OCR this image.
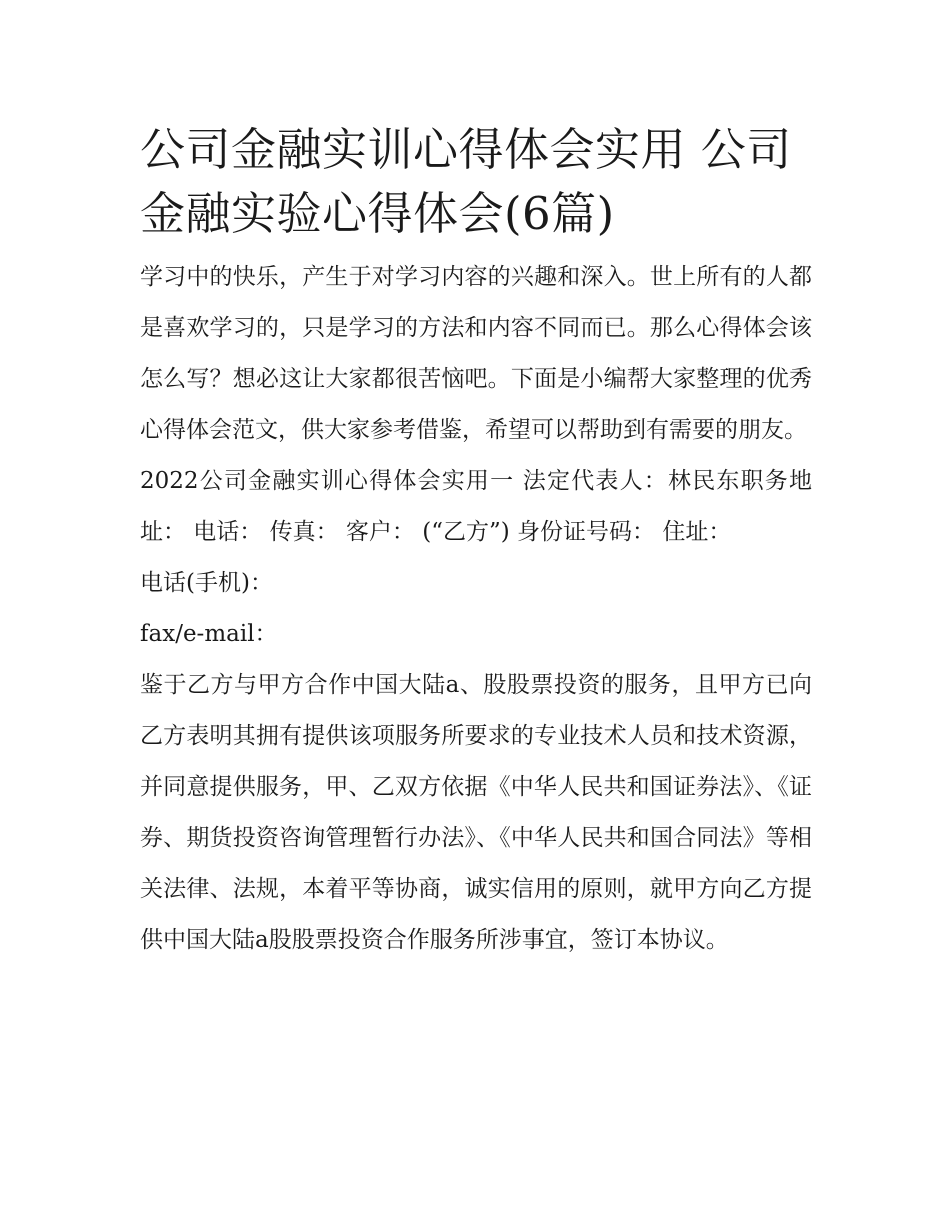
公司金融实训心得体会实用 公司金融实验心得体会(6篇)

学习中的快乐，产生于对学习内容的兴趣和深入。世上所有的人都是喜欢学习的，只是学习的方法和内容不同而已。那么心得体会该怎么写？想必这让大家都很苦恼吧。下面是小编帮大家整理的优秀心得体会范文，供大家参考借鉴，希望可以帮助到有需要的朋友。

2022公司金融实训心得体会实用一 法定代表人：林民东职务地址： 电话： 传真： 客户： (“乙方”) 身份证号码： 住址：

电话(手机)：

fax/e-mail：

鉴于乙方与甲方合作中国大陆a、股股票投资的服务，且甲方已向乙方表明其拥有提供该项服务所要求的专业技术人员和技术资源，并同意提供服务，甲、乙双方依据《中华人民共和国证券法》、《证券、期货投资咨询管理暂行办法》、《中华人民共和国合同法》等相关法律、法规，本着平等协商，诚实信用的原则，就甲方向乙方提供中国大陆a股股票投资合作服务所涉事宜，签订本协议。
